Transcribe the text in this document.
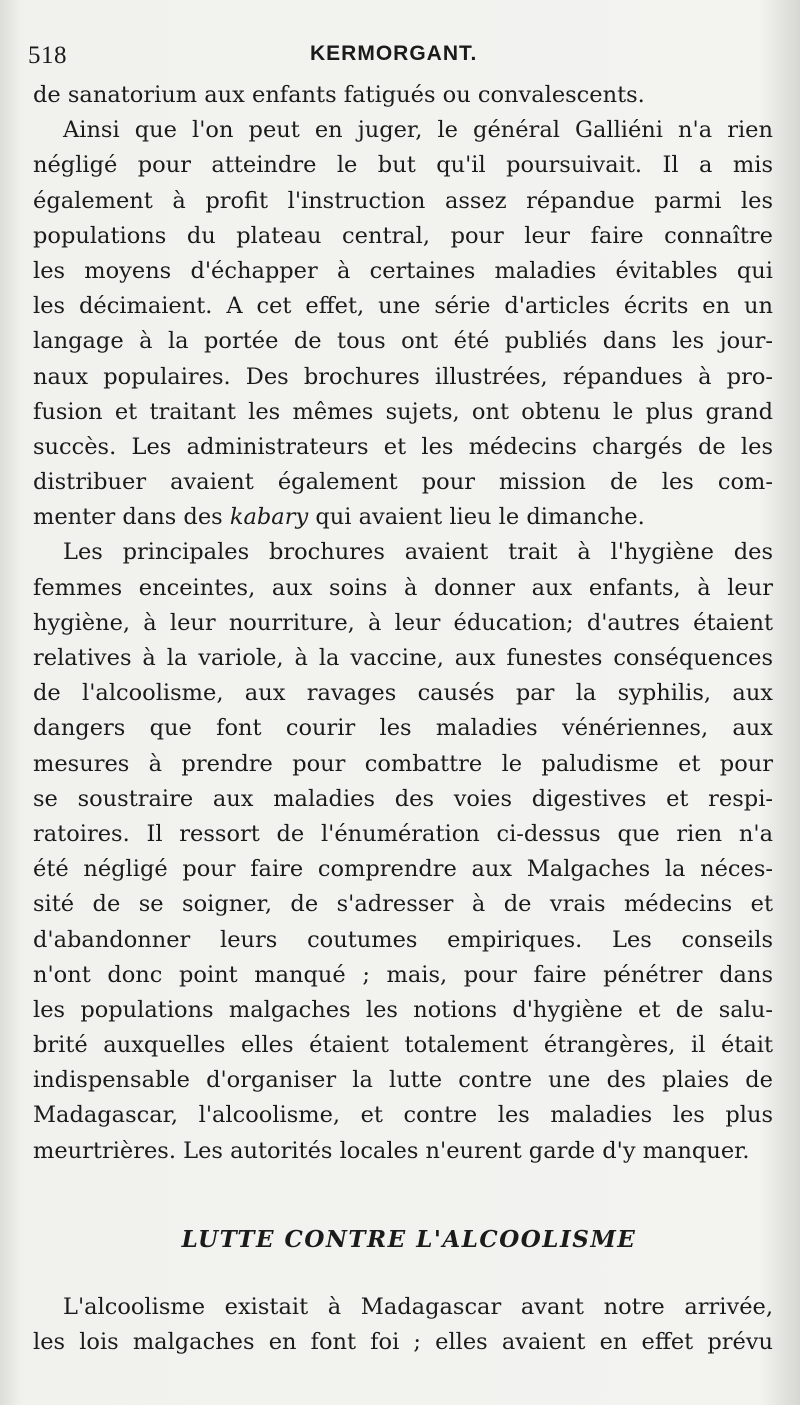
518	KERMORGANT.
de sanatorium aux enfants fatigués ou convalescents.
Ainsi que l'on peut en juger, le général Galliéni n'a rien
négligé pour atteindre le but qu'il poursuivait. Il a mis
également à profit l'instruction assez répandue parmi les
populations du plateau central, pour leur faire connaître
les moyens d'échapper à certaines maladies évitables qui
les décimaient. A cet effet, une série d'articles écrits en un
langage à la portée de tous ont été publiés dans les jour-
naux populaires. Des brochures illustrées, répandues à pro-
fusion et traitant les mêmes sujets, ont obtenu le plus grand
succès. Les administrateurs et les médecins chargés de les
distribuer avaient également pour mission de les com-
menter dans des kabary qui avaient lieu le dimanche.
Les principales brochures avaient trait à l'hygiène des
femmes enceintes, aux soins à donner aux enfants, à leur
hygiène, à leur nourriture, à leur éducation; d'autres étaient
relatives à la variole, à la vaccine, aux funestes conséquences
de l'alcoolisme, aux ravages causés par la syphilis, aux
dangers que font courir les maladies vénériennes, aux
mesures à prendre pour combattre le paludisme et pour
se soustraire aux maladies des voies digestives et respi-
ratoires. Il ressort de l'énumération ci-dessus que rien n'a
été négligé pour faire comprendre aux Malgaches la néces-
sité de se soigner, de s'adresser à de vrais médecins et
d'abandonner leurs coutumes empiriques. Les conseils
n'ont donc point manqué ; mais, pour faire pénétrer dans
les populations malgaches les notions d'hygiène et de salu-
brité auxquelles elles étaient totalement étrangères, il était
indispensable d'organiser la lutte contre une des plaies de
Madagascar, l'alcoolisme, et contre les maladies les plus
meurtrières. Les autorités locales n'eurent garde d'y manquer.
LUTTE CONTRE L'ALCOOLISME
L'alcoolisme existait à Madagascar avant notre arrivée,
les lois malgaches en font foi ; elles avaient en effet prévu
